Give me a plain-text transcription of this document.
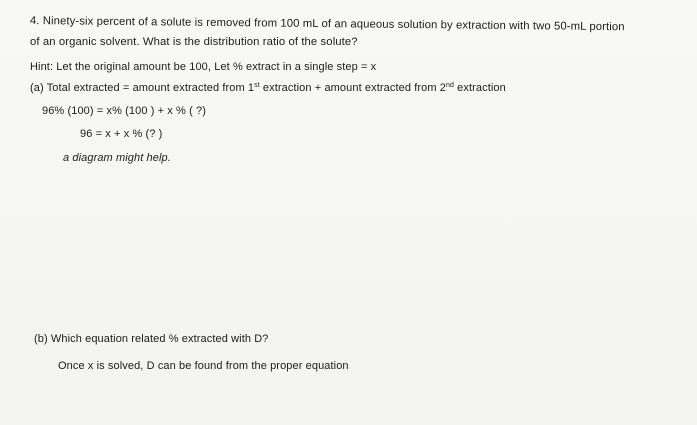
4. Ninety-six percent of a solute is removed from 100 mL of an aqueous solution by extraction with two 50-mL portion
of an organic solvent. What is the distribution ratio of the solute?
Hint: Let the original amount be 100, Let % extract in a single step = x
(a) Total extracted = amount extracted from 1st extraction + amount extracted from 2nd extraction
96% (100) = x% (100 ) + x % ( ?)
96 = x + x % (? )
a diagram might help.
(b) Which equation related % extracted with D?
Once x is solved, D can be found from the proper equation
